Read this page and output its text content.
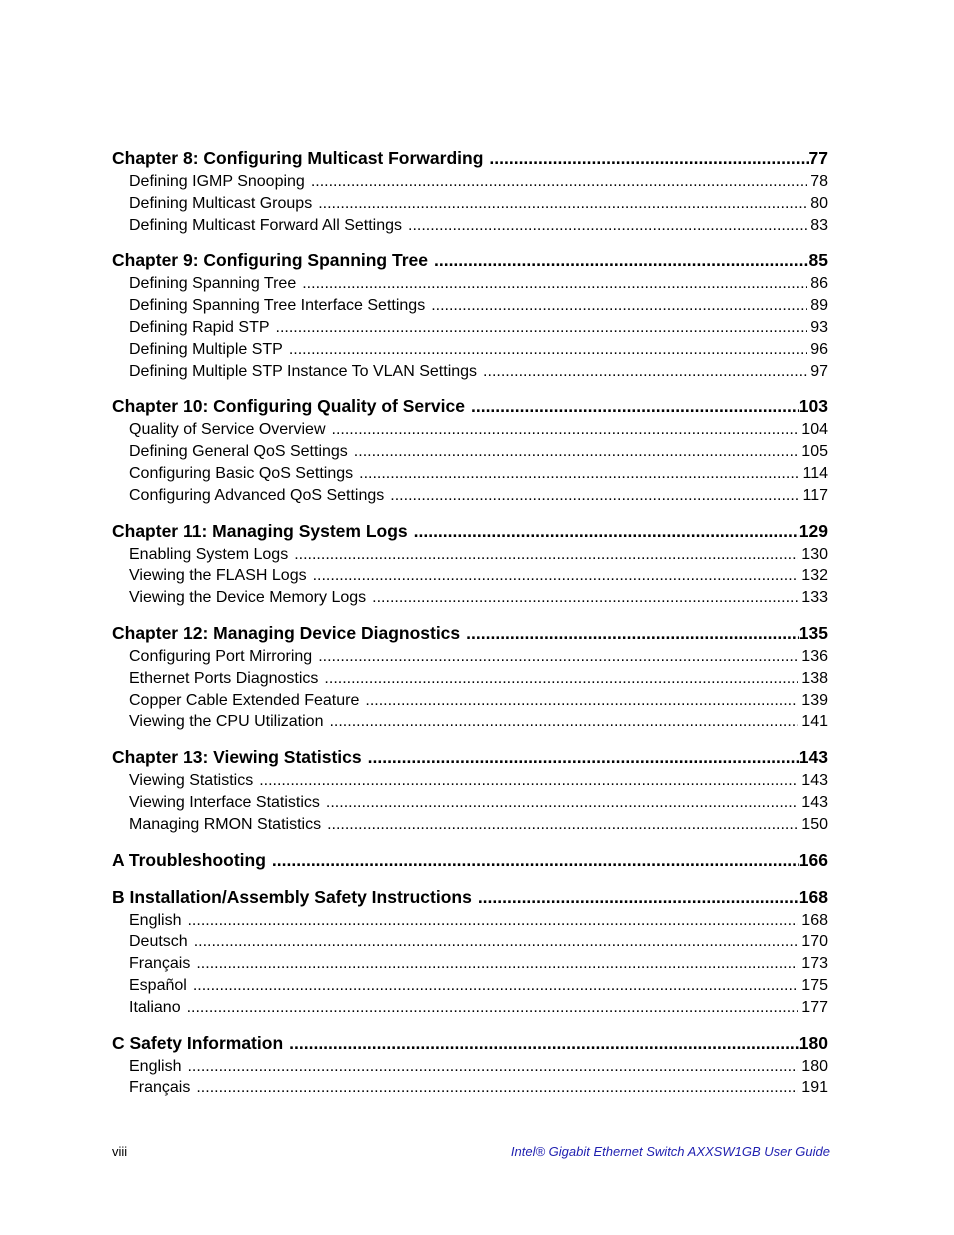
Chapter 8: Configuring Multicast Forwarding .....	77
Defining IGMP Snooping .....	78
Defining Multicast Groups .....	80
Defining Multicast Forward All Settings .....	83
Chapter 9: Configuring Spanning Tree .....	85
Defining Spanning Tree .....	86
Defining Spanning Tree Interface Settings .....	89
Defining Rapid STP .....	93
Defining Multiple STP .....	96
Defining Multiple STP Instance To VLAN Settings .....	97
Chapter 10: Configuring Quality of Service .....	103
Quality of Service Overview .....	104
Defining General QoS Settings .....	105
Configuring Basic QoS Settings .....	114
Configuring Advanced QoS Settings .....	117
Chapter 11: Managing System Logs .....	129
Enabling System Logs .....	130
Viewing the FLASH Logs .....	132
Viewing the Device Memory Logs .....	133
Chapter 12: Managing Device Diagnostics .....	135
Configuring Port Mirroring .....	136
Ethernet Ports Diagnostics .....	138
Copper Cable Extended Feature .....	139
Viewing the CPU Utilization .....	141
Chapter 13: Viewing Statistics .....	143
Viewing Statistics .....	143
Viewing Interface Statistics .....	143
Managing RMON Statistics .....	150
A Troubleshooting .....	166
B Installation/Assembly Safety Instructions .....	168
English .....	168
Deutsch .....	170
Français .....	173
Español .....	175
Italiano .....	177
C Safety Information .....	180
English .....	180
Français .....	191
viii	Intel® Gigabit Ethernet Switch AXXSW1GB User Guide
